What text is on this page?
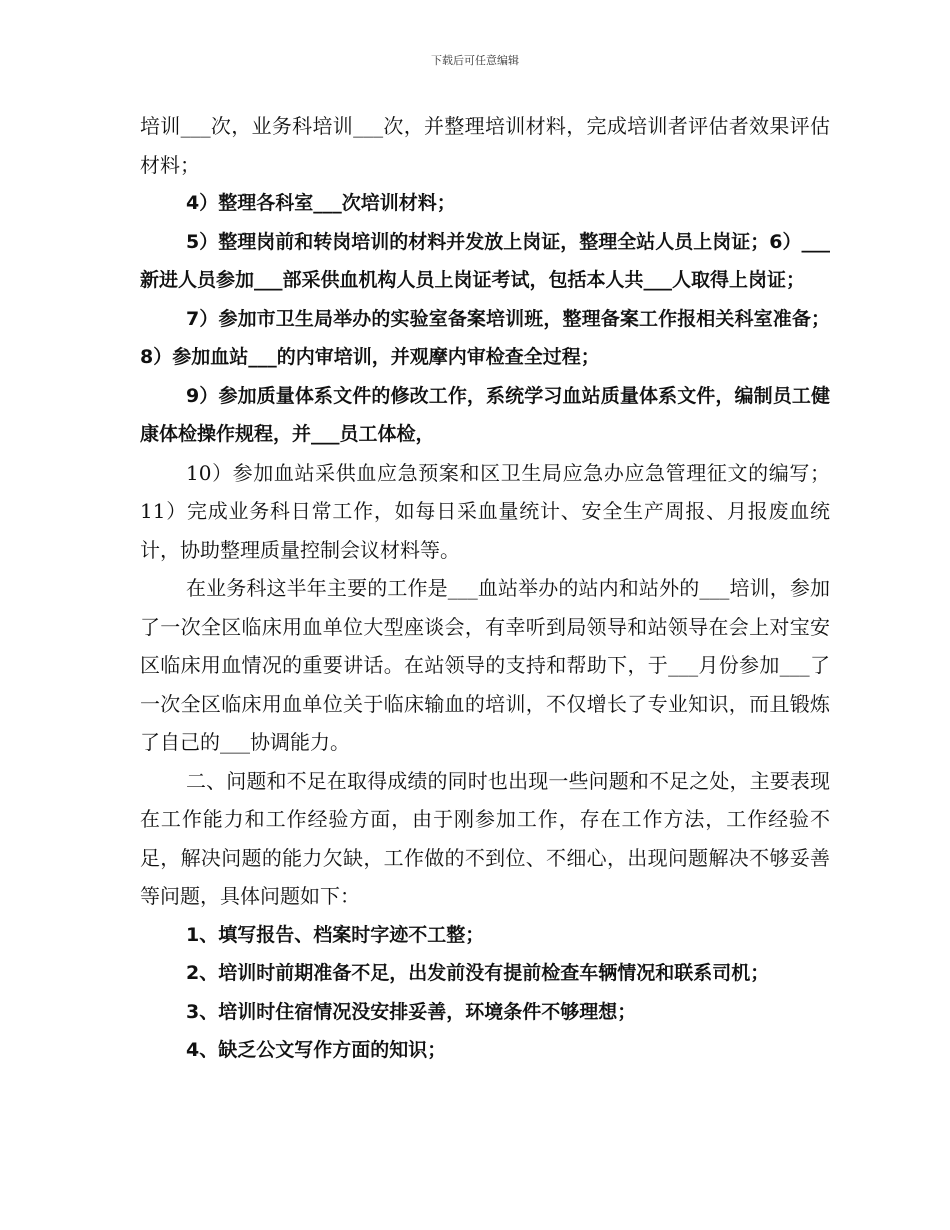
下载后可任意编辑

培训___次，业务科培训___次，并整理培训材料，完成培训者评估者效果评估材料；

4）整理各科室___次培训材料；

5）整理岗前和转岗培训的材料并发放上岗证，整理全站人员上岗证；6）___新进人员参加___部采供血机构人员上岗证考试，包括本人共___人取得上岗证；

7）参加市卫生局举办的实验室备案培训班，整理备案工作报相关科室准备；8）参加血站___的内审培训，并观摩内审检查全过程；

9）参加质量体系文件的修改工作，系统学习血站质量体系文件，编制员工健康体检操作规程，并___员工体检，

10）参加血站采供血应急预案和区卫生局应急办应急管理征文的编写；11）完成业务科日常工作，如每日采血量统计、安全生产周报、月报废血统计，协助整理质量控制会议材料等。

在业务科这半年主要的工作是___血站举办的站内和站外的___培训，参加了一次全区临床用血单位大型座谈会，有幸听到局领导和站领导在会上对宝安区临床用血情况的重要讲话。在站领导的支持和帮助下，于___月份参加___了一次全区临床用血单位关于临床输血的培训，不仅增长了专业知识，而且锻炼了自己的___协调能力。

二、问题和不足在取得成绩的同时也出现一些问题和不足之处，主要表现在工作能力和工作经验方面，由于刚参加工作，存在工作方法，工作经验不足，解决问题的能力欠缺，工作做的不到位、不细心，出现问题解决不够妥善等问题，具体问题如下：

1、填写报告、档案时字迹不工整；

2、培训时前期准备不足，出发前没有提前检查车辆情况和联系司机；

3、培训时住宿情况没安排妥善，环境条件不够理想；

4、缺乏公文写作方面的知识；
